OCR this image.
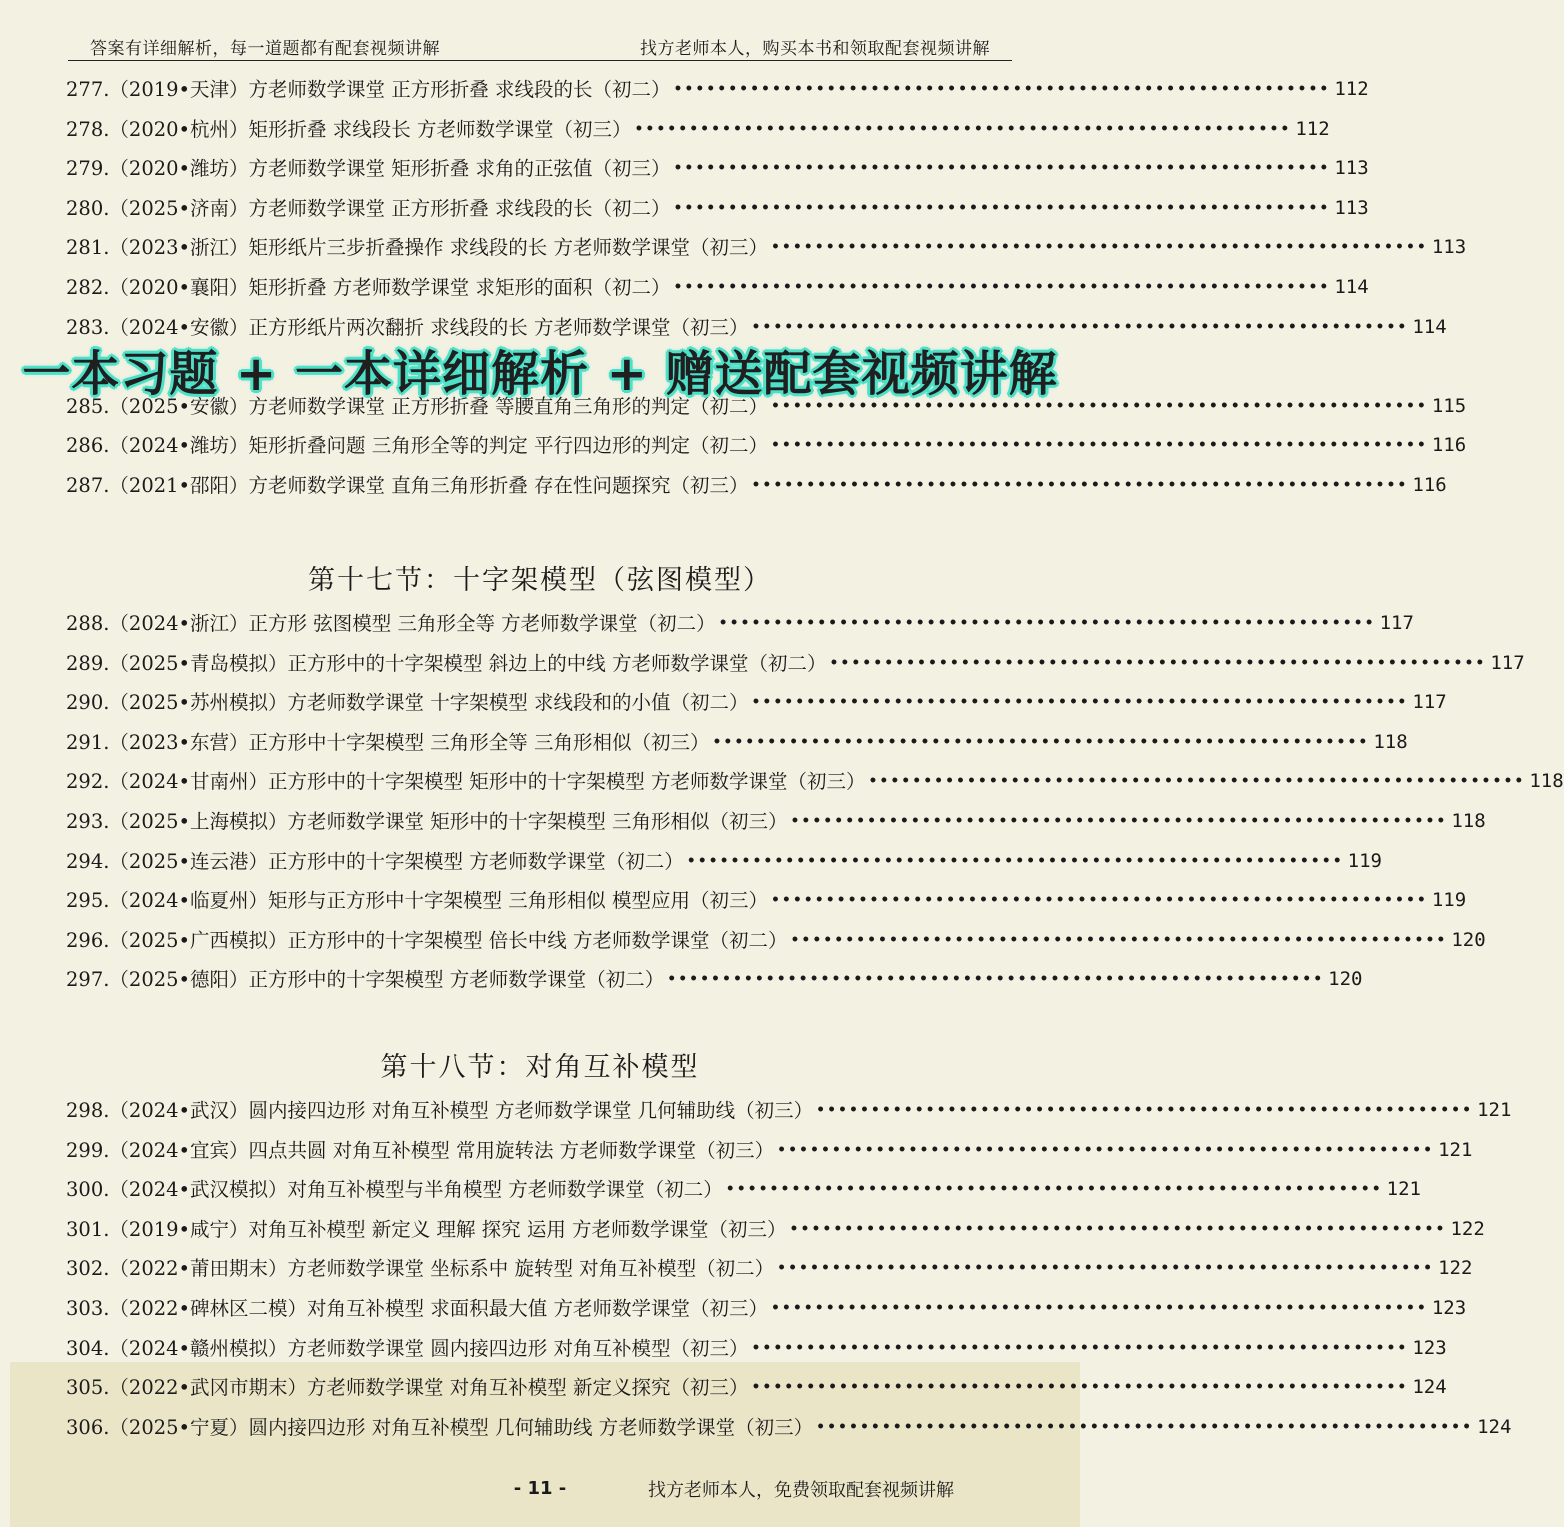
答案有详细解析，每一道题都有配套视频讲解	找方老师本人，购买本书和领取配套视频讲解
277.（2019•天津）方老师数学课堂 正方形折叠 求线段的长（初二） •••••••••••••••••••••••••••••••••••••••••••••••••••••••••••• 112
278.（2020•杭州）矩形折叠 求线段长 方老师数学课堂（初三） •••••••••••••••••••••••••••••••••••••••••••••••••••••••••••• 112
279.（2020•潍坊）方老师数学课堂 矩形折叠 求角的正弦值（初三） •••••••••••••••••••••••••••••••••••••••••••••••••••••••••••• 113
280.（2025•济南）方老师数学课堂 正方形折叠 求线段的长（初二） •••••••••••••••••••••••••••••••••••••••••••••••••••••••••••• 113
281.（2023•浙江）矩形纸片三步折叠操作 求线段的长 方老师数学课堂（初三） •••••••••••••••••••••••••••••••••••••••••••••••••••••••••••• 113
282.（2020•襄阳）矩形折叠 方老师数学课堂 求矩形的面积（初二） •••••••••••••••••••••••••••••••••••••••••••••••••••••••••••• 114
283.（2024•安徽）正方形纸片两次翻折 求线段的长 方老师数学课堂（初三） •••••••••••••••••••••••••••••••••••••••••••••••••••••••••••• 114
285.（2025•安徽）方老师数学课堂 正方形折叠 等腰直角三角形的判定（初二） •••••••••••••••••••••••••••••••••••••••••••••••••••••••••••• 115
286.（2024•潍坊）矩形折叠问题 三角形全等的判定 平行四边形的判定（初二） •••••••••••••••••••••••••••••••••••••••••••••••••••••••••••• 116
287.（2021•邵阳）方老师数学课堂 直角三角形折叠 存在性问题探究（初三） •••••••••••••••••••••••••••••••••••••••••••••••••••••••••••• 116
一本习题 + 一本详细解析 + 赠送配套视频讲解
第十七节：十字架模型（弦图模型）
288.（2024•浙江）正方形 弦图模型 三角形全等 方老师数学课堂（初二） •••••••••••••••••••••••••••••••••••••••••••••••••••••••••••• 117
289.（2025•青岛模拟）正方形中的十字架模型 斜边上的中线 方老师数学课堂（初二） •••••••••••••••••••••••••••••••••••••••••••••••••••••••••••• 117
290.（2025•苏州模拟）方老师数学课堂 十字架模型 求线段和的小值（初二） •••••••••••••••••••••••••••••••••••••••••••••••••••••••••••• 117
291.（2023•东营）正方形中十字架模型 三角形全等 三角形相似（初三） •••••••••••••••••••••••••••••••••••••••••••••••••••••••••••• 118
292.（2024•甘南州）正方形中的十字架模型 矩形中的十字架模型 方老师数学课堂（初三） •••••••••••••••••••••••••••••••••••••••••••••••••••••••••••• 118
293.（2025•上海模拟）方老师数学课堂 矩形中的十字架模型 三角形相似（初三） •••••••••••••••••••••••••••••••••••••••••••••••••••••••••••• 118
294.（2025•连云港）正方形中的十字架模型 方老师数学课堂（初二） •••••••••••••••••••••••••••••••••••••••••••••••••••••••••••• 119
295.（2024•临夏州）矩形与正方形中十字架模型 三角形相似 模型应用（初三） •••••••••••••••••••••••••••••••••••••••••••••••••••••••••••• 119
296.（2025•广西模拟）正方形中的十字架模型 倍长中线 方老师数学课堂（初二） •••••••••••••••••••••••••••••••••••••••••••••••••••••••••••• 120
297.（2025•德阳）正方形中的十字架模型 方老师数学课堂（初二） •••••••••••••••••••••••••••••••••••••••••••••••••••••••••••• 120
第十八节：对角互补模型
298.（2024•武汉）圆内接四边形 对角互补模型 方老师数学课堂 几何辅助线（初三） •••••••••••••••••••••••••••••••••••••••••••••••••••••••••••• 121
299.（2024•宜宾）四点共圆 对角互补模型 常用旋转法 方老师数学课堂（初三） •••••••••••••••••••••••••••••••••••••••••••••••••••••••••••• 121
300.（2024•武汉模拟）对角互补模型与半角模型 方老师数学课堂（初二） •••••••••••••••••••••••••••••••••••••••••••••••••••••••••••• 121
301.（2019•咸宁）对角互补模型 新定义 理解 探究 运用 方老师数学课堂（初三） •••••••••••••••••••••••••••••••••••••••••••••••••••••••••••• 122
302.（2022•莆田期末）方老师数学课堂 坐标系中 旋转型 对角互补模型（初二） •••••••••••••••••••••••••••••••••••••••••••••••••••••••••••• 122
303.（2022•碑林区二模）对角互补模型 求面积最大值 方老师数学课堂（初三） •••••••••••••••••••••••••••••••••••••••••••••••••••••••••••• 123
304.（2024•赣州模拟）方老师数学课堂 圆内接四边形 对角互补模型（初三） •••••••••••••••••••••••••••••••••••••••••••••••••••••••••••• 123
305.（2022•武冈市期末）方老师数学课堂 对角互补模型 新定义探究（初三） •••••••••••••••••••••••••••••••••••••••••••••••••••••••••••• 124
306.（2025•宁夏）圆内接四边形 对角互补模型 几何辅助线 方老师数学课堂（初三） •••••••••••••••••••••••••••••••••••••••••••••••••••••••••••• 124
- 11 -	找方老师本人，免费领取配套视频讲解
